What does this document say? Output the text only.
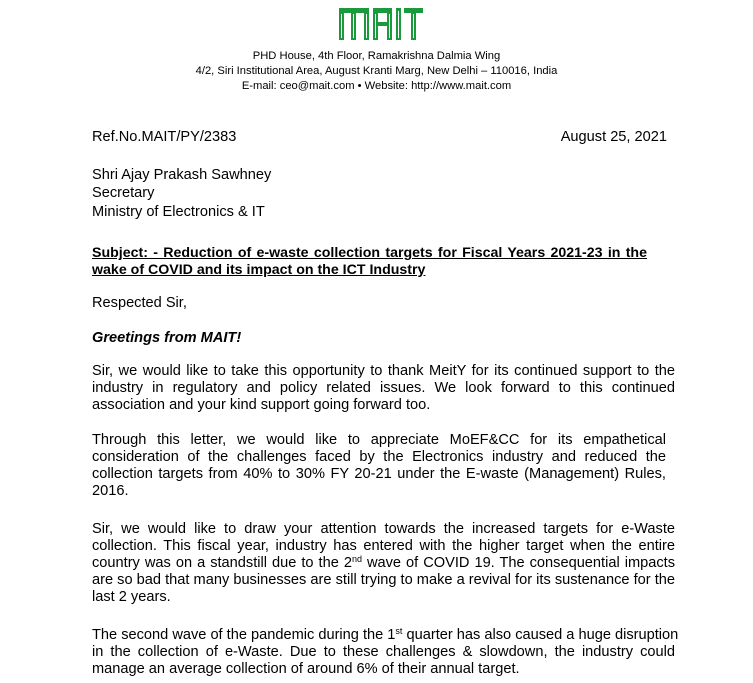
PHD House, 4th Floor, Ramakrishna Dalmia Wing
4/2, Siri Institutional Area, August Kranti Marg, New Delhi – 110016, India
E-mail: ceo@mait.com • Website: http://www.mait.com
Ref.No.MAIT/PY/2383	August 25, 2021
Shri Ajay Prakash Sawhney
Secretary
Ministry of Electronics & IT
Subject: - Reduction of e-waste collection targets for Fiscal Years 2021-23 in the
wake of COVID and its impact on the ICT Industry
Respected Sir,
Greetings from MAIT!
Sir, we would like to take this opportunity to thank MeitY for its continued support to the
industry in regulatory and policy related issues. We look forward to this continued
association and your kind support going forward too.
Through this letter, we would like to appreciate MoEF&CC for its empathetical
consideration of the challenges faced by the Electronics industry and reduced the
collection targets from 40% to 30% FY 20-21 under the E-waste (Management) Rules,
2016.
Sir, we would like to draw your attention towards the increased targets for e-Waste
collection. This fiscal year, industry has entered with the higher target when the entire
country was on a standstill due to the 2nd wave of COVID 19. The consequential impacts
are so bad that many businesses are still trying to make a revival for its sustenance for the
last 2 years.
The second wave of the pandemic during the 1st quarter has also caused a huge disruption
in the collection of e-Waste. Due to these challenges & slowdown, the industry could
manage an average collection of around 6% of their annual target.
